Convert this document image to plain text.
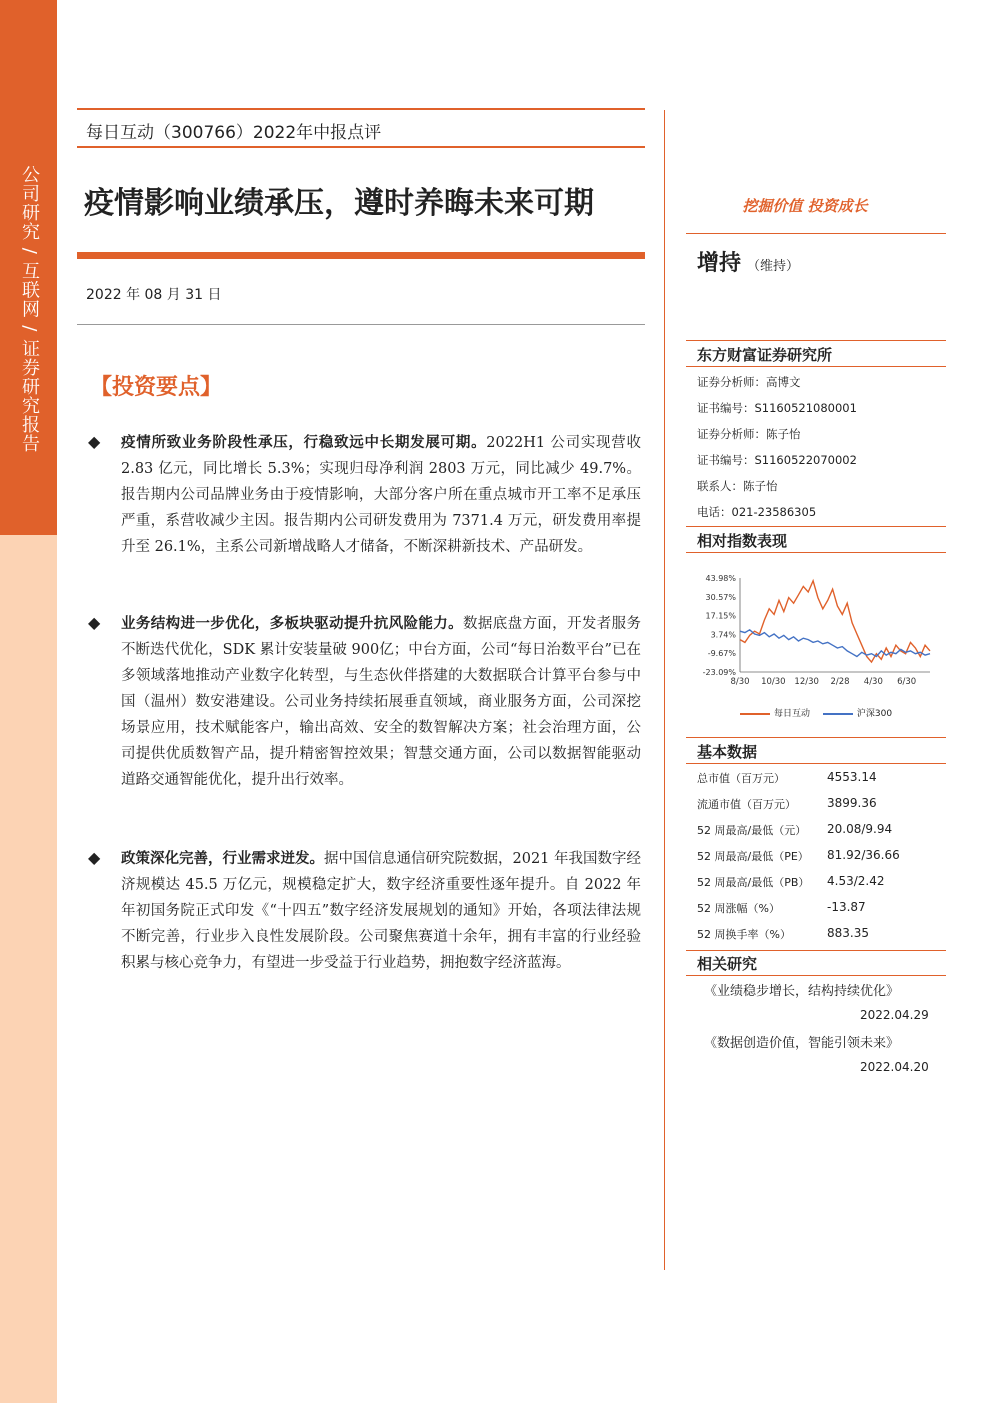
公司研究 / 互联网 / 证券研究报告
每日互动（300766）2022年中报点评
疫情影响业绩承压，遵时养晦未来可期	挖掘价值 投资成长
2022 年 08 月 31 日
【投资要点】
◆ 疫情所致业务阶段性承压，行稳致远中长期发展可期。2022H1 公司实现营收 2.83 亿元，同比增长 5.3%；实现归母净利润 2803 万元，同比减少 49.7%。报告期内公司品牌业务由于疫情影响，大部分客户所在重点城市开工率不足承压严重，系营收减少主因。报告期内公司研发费用为 7371.4 万元，研发费用率提升至 26.1%，主系公司新增战略人才储备，不断深耕新技术、产品研发。
◆ 业务结构进一步优化，多板块驱动提升抗风险能力。数据底盘方面，开发者服务不断迭代优化，SDK 累计安装量破 900亿；中台方面，公司“每日治数平台”已在多领域落地推动产业数字化转型，与生态伙伴搭建的大数据联合计算平台参与中国（温州）数安港建设。公司业务持续拓展垂直领域，商业服务方面，公司深挖场景应用，技术赋能客户，输出高效、安全的数智解决方案；社会治理方面，公司提供优质数智产品，提升精密智控效果；智慧交通方面，公司以数据智能驱动道路交通智能优化，提升出行效率。
◆ 政策深化完善，行业需求迸发。据中国信息通信研究院数据，2021 年我国数字经济规模达 45.5 万亿元，规模稳定扩大，数字经济重要性逐年提升。自 2022 年年初国务院正式印发《“十四五”数字经济发展规划的通知》开始，各项法律法规不断完善，行业步入良性发展阶段。公司聚焦赛道十余年，拥有丰富的行业经验积累与核心竞争力，有望进一步受益于行业趋势，拥抱数字经济蓝海。
增持 （维持）
东方财富证券研究所
证券分析师：高博文
证书编号：S1160521080001
证券分析师：陈子怡
证书编号：S1160522070002
联系人：陈子怡
电话：021-23586305
相对指数表现
43.98%
30.57%
17.15%
3.74%
-9.67%
-23.09%
8/30 10/30 12/30 2/28 4/30 6/30
每日互动	沪深300
基本数据
总市值（百万元）	4553.14
流通市值（百万元）	3899.36
52 周最高/最低（元） 20.08/9.94
52 周最高/最低（PE） 81.92/36.66
52 周最高/最低（PB） 4.53/2.42
52 周涨幅（%）	-13.87
52 周换手率（%）	883.35
相关研究
《业绩稳步增长，结构持续优化》
2022.04.29
《数据创造价值，智能引领未来》
2022.04.20
